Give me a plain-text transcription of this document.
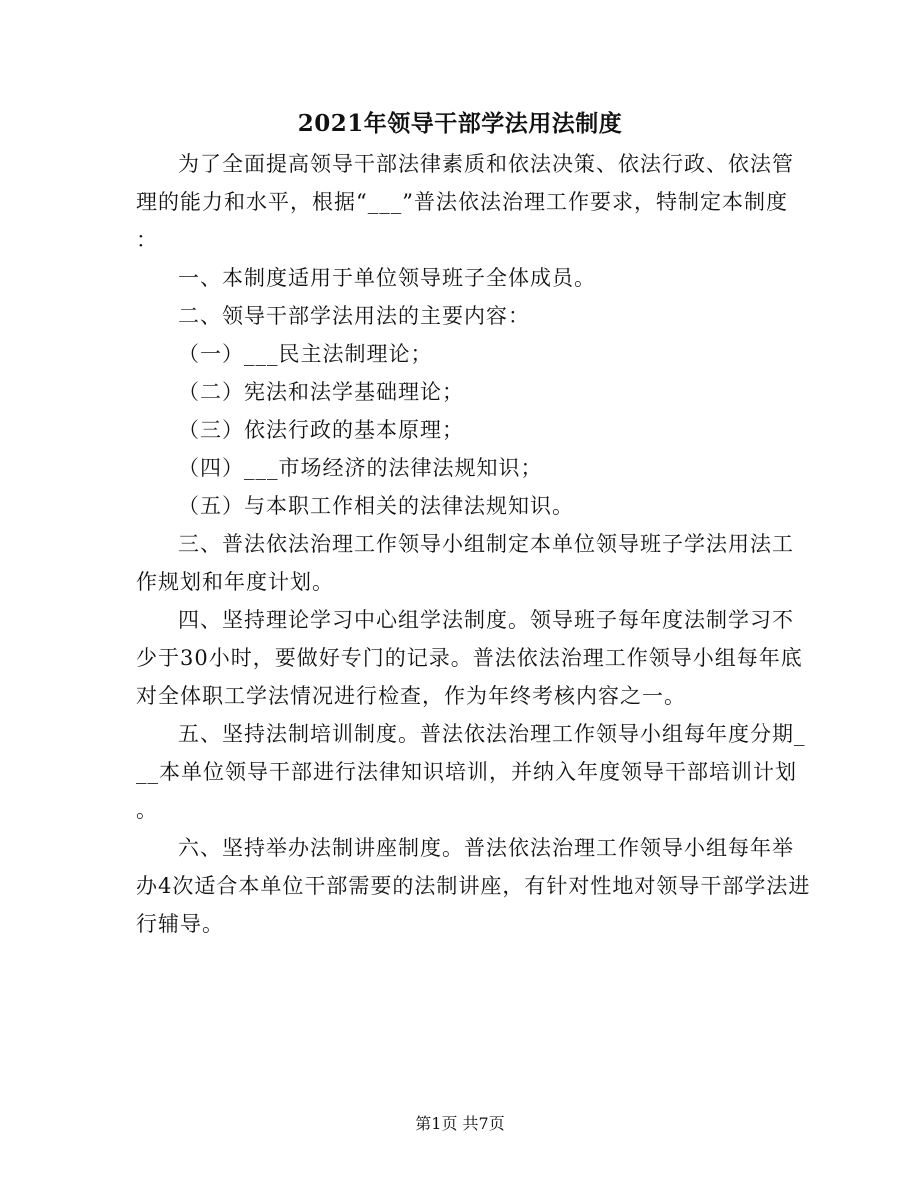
2021年领导干部学法用法制度
为了全面提高领导干部法律素质和依法决策、依法行政、依法管
理的能力和水平，根据“___”普法依法治理工作要求，特制定本制度
：
一、本制度适用于单位领导班子全体成员。
二、领导干部学法用法的主要内容：
（一）___民主法制理论；
（二）宪法和法学基础理论；
（三）依法行政的基本原理；
（四）___市场经济的法律法规知识；
（五）与本职工作相关的法律法规知识。
三、普法依法治理工作领导小组制定本单位领导班子学法用法工
作规划和年度计划。
四、坚持理论学习中心组学法制度。领导班子每年度法制学习不
少于30小时，要做好专门的记录。普法依法治理工作领导小组每年底
对全体职工学法情况进行检查，作为年终考核内容之一。
五、坚持法制培训制度。普法依法治理工作领导小组每年度分期_
__本单位领导干部进行法律知识培训，并纳入年度领导干部培训计划
。
六、坚持举办法制讲座制度。普法依法治理工作领导小组每年举
办4次适合本单位干部需要的法制讲座，有针对性地对领导干部学法进
行辅导。
第1页 共7页
